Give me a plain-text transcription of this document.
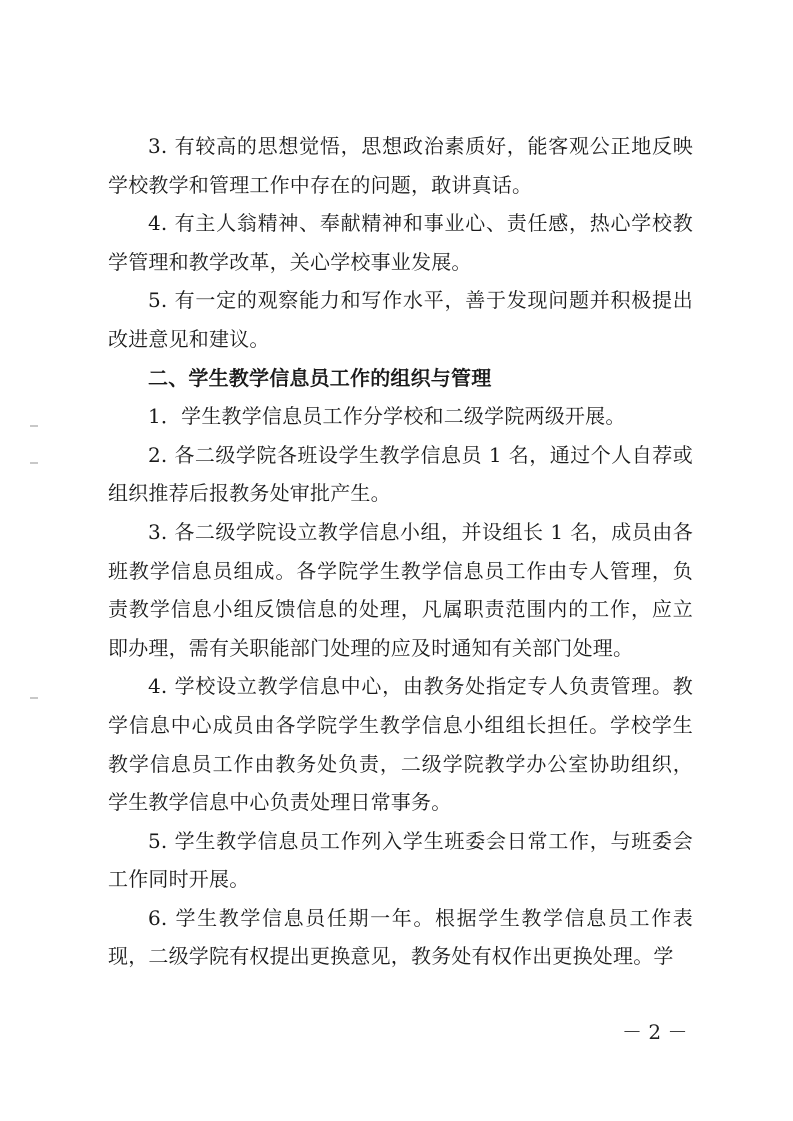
3. 有较高的思想觉悟，思想政治素质好，能客观公正地反映学校教学和管理工作中存在的问题，敢讲真话。

4. 有主人翁精神、奉献精神和事业心、责任感，热心学校教学管理和教学改革，关心学校事业发展。

5. 有一定的观察能力和写作水平，善于发现问题并积极提出改进意见和建议。

二、学生教学信息员工作的组织与管理

1．学生教学信息员工作分学校和二级学院两级开展。

2. 各二级学院各班设学生教学信息员 1 名，通过个人自荐或组织推荐后报教务处审批产生。

3. 各二级学院设立教学信息小组，并设组长 1 名，成员由各班教学信息员组成。各学院学生教学信息员工作由专人管理，负责教学信息小组反馈信息的处理，凡属职责范围内的工作，应立即办理，需有关职能部门处理的应及时通知有关部门处理。

4. 学校设立教学信息中心，由教务处指定专人负责管理。教学信息中心成员由各学院学生教学信息小组组长担任。学校学生教学信息员工作由教务处负责，二级学院教学办公室协助组织，学生教学信息中心负责处理日常事务。

5. 学生教学信息员工作列入学生班委会日常工作，与班委会工作同时开展。

6. 学生教学信息员任期一年。根据学生教学信息员工作表现，二级学院有权提出更换意见，教务处有权作出更换处理。学

－ 2 －
